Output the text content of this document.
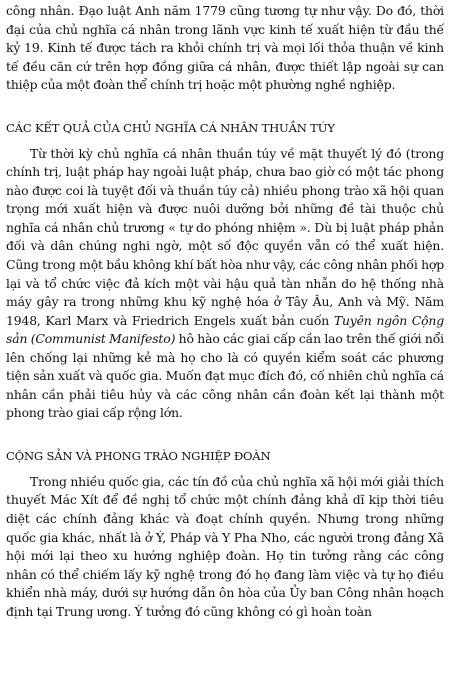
công nhân. Đạo luật Anh năm 1779 cũng tương tự như vậy. Do đó, thời đại của chủ nghĩa cá nhân trong lãnh vực kinh tế xuất hiện từ đầu thế kỷ 19. Kinh tế được tách ra khỏi chính trị và mọi lối thỏa thuận về kinh tế đều căn cứ trên hợp đồng giữa cá nhân, được thiết lập ngoài sự can thiệp của một đoàn thể chính trị hoặc một phường nghề nghiệp.

CÁC KẾT QUẢ CỦA CHỦ NGHĨA CÁ NHÂN THUẦN TÚY

Từ thời kỳ chủ nghĩa cá nhân thuần túy về mặt thuyết lý đó (trong chính trị, luật pháp hay ngoài luật pháp, chưa bao giờ có một tác phong nào được coi là tuyệt đối và thuần túy cả) nhiều phong trào xã hội quan trọng mới xuất hiện và được nuôi dưỡng bởi những đề tài thuộc chủ nghĩa cá nhân chủ trương « tự do phóng nhiệm ». Dù bị luật pháp phản đối và dân chúng nghi ngờ, một số độc quyền vẫn có thể xuất hiện. Cũng trong một bầu không khí bất hòa như vậy, các công nhân phối hợp lại và tổ chức việc đả kích một vài hậu quả tàn nhẫn do hệ thống nhà máy gây ra trong những khu kỹ nghệ hóa ở Tây Âu, Anh và Mỹ. Năm 1948, Karl Marx và Friedrich Engels xuất bản cuốn Tuyên ngôn Cộng sản (Communist Manifesto) hô hào các giai cấp cần lao trên thế giới nổi lên chống lại những kẻ mà họ cho là có quyền kiểm soát các phương tiện sản xuất và quốc gia. Muốn đạt mục đích đó, cố nhiên chủ nghĩa cá nhân cần phải tiêu hủy và các công nhân cần đoàn kết lại thành một phong trào giai cấp rộng lớn.

CỘNG SẢN VÀ PHONG TRÀO NGHIỆP ĐOÀN

Trong nhiều quốc gia, các tín đồ của chủ nghĩa xã hội mới giải thích thuyết Mác Xít để đề nghị tổ chức một chính đảng khả dĩ kịp thời tiêu diệt các chính đảng khác và đoạt chính quyền. Nhưng trong những quốc gia khác, nhất là ở Ý, Pháp và Y Pha Nho, các người trong đảng Xã hội mới lại theo xu hướng nghiệp đoàn. Họ tin tưởng rằng các công nhân có thể chiếm lấy kỹ nghệ trong đó họ đang làm việc và tự họ điều khiển nhà máy, dưới sự hướng dẫn ôn hòa của Ủy ban Công nhân hoạch định tại Trung ương. Ý tưởng đó cũng không có gì hoàn toàn
